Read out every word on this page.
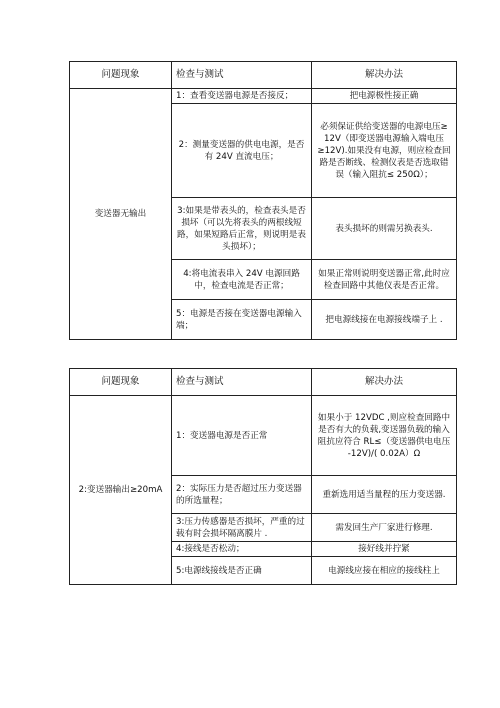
问题现象	检查与测试	解决办法
变送器无输出	1：查看变送器电源是否接反；	把电源极性接正确
	2：测量变送器的供电电源，是否有 24V 直流电压；	必须保证供给变送器的电源电压≥ 12V（即变送器电源输入端电压≥12V).如果没有电源，则应检查回路是否断线、检测仪表是否选取错误（输入阻抗≤ 250Ω）；
	3:如果是带表头的，检查表头是否损坏（可以先将表头的两根线短路，如果短路后正常，则说明是表头损坏）；	表头损坏的则需另换表头.
	4:将电流表串入 24V 电源回路中，检查电流是否正常；	如果正常则说明变送器正常,此时应检查回路中其他仪表是否正常。
	5：电源是否接在变送器电源输入端；	把电源线接在电源接线端子上 .
问题现象	检查与测试	解决办法
2:变送器输出≥20mA	1：变送器电源是否正常	如果小于 12VDC ,则应检查回路中是否有大的负载,变送器负载的输入阻抗应符合 RL≤（变送器供电电压 -12V)/( 0.02A）Ω
	2：实际压力是否超过压力变送器的所选量程；	重新选用适当量程的压力变送器.
	3:压力传感器是否损坏，严重的过载有时会损坏隔离膜片 .	需发回生产厂家进行修理.
	4:接线是否松动；	接好线并拧紧
	5:电源线接线是否正确	电源线应接在相应的接线柱上
